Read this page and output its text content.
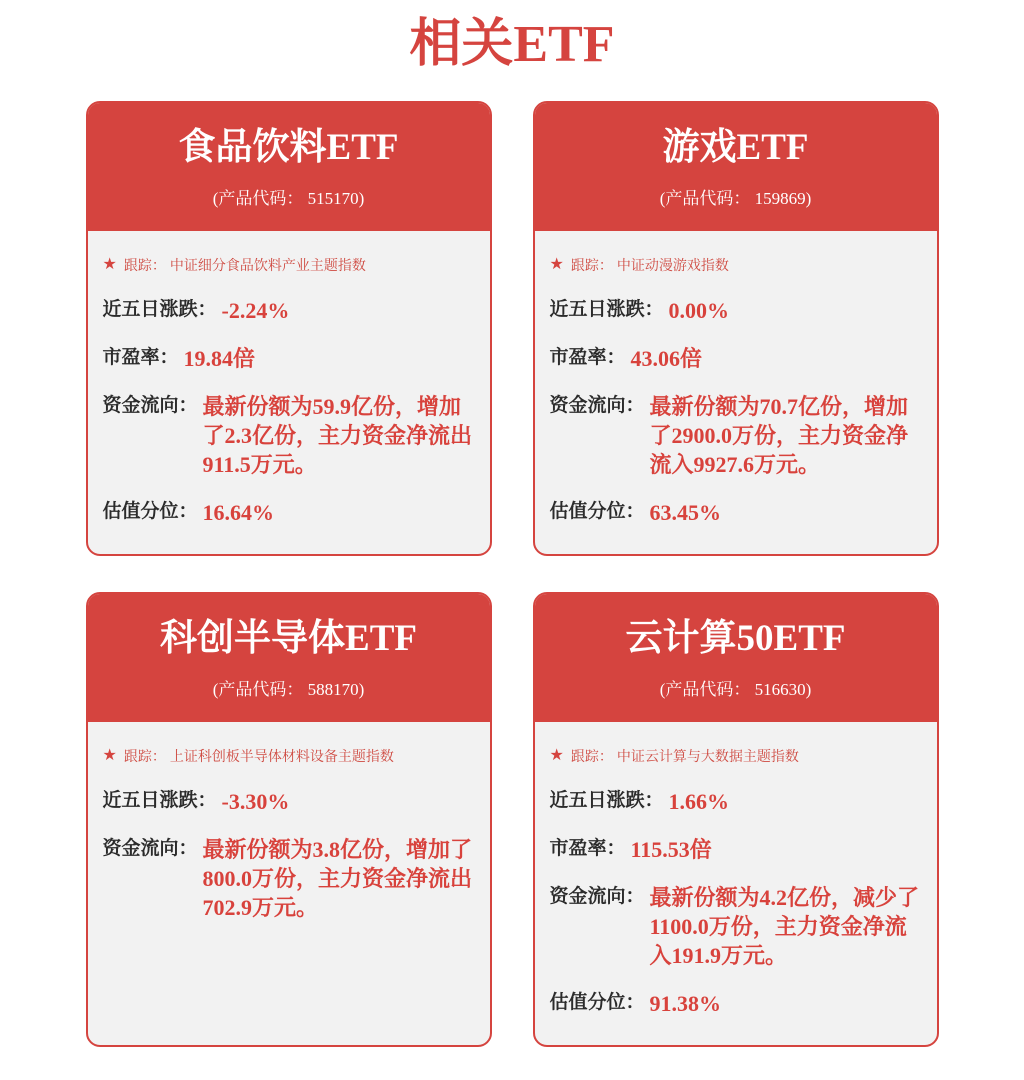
相关ETF
食品饮料ETF
(产品代码： 515170)
★ 跟踪： 中证细分食品饮料产业主题指数
近五日涨跌： -2.24%
市盈率： 19.84倍
资金流向： 最新份额为59.9亿份，增加了2.3亿份，主力资金净流出911.5万元。
估值分位： 16.64%
游戏ETF
(产品代码： 159869)
★ 跟踪： 中证动漫游戏指数
近五日涨跌： 0.00%
市盈率： 43.06倍
资金流向： 最新份额为70.7亿份，增加了2900.0万份，主力资金净流入9927.6万元。
估值分位： 63.45%
科创半导体ETF
(产品代码： 588170)
★ 跟踪： 上证科创板半导体材料设备主题指数
近五日涨跌： -3.30%
资金流向： 最新份额为3.8亿份，增加了800.0万份，主力资金净流出702.9万元。
云计算50ETF
(产品代码： 516630)
★ 跟踪： 中证云计算与大数据主题指数
近五日涨跌： 1.66%
市盈率： 115.53倍
资金流向： 最新份额为4.2亿份，减少了1100.0万份，主力资金净流入191.9万元。
估值分位： 91.38%
